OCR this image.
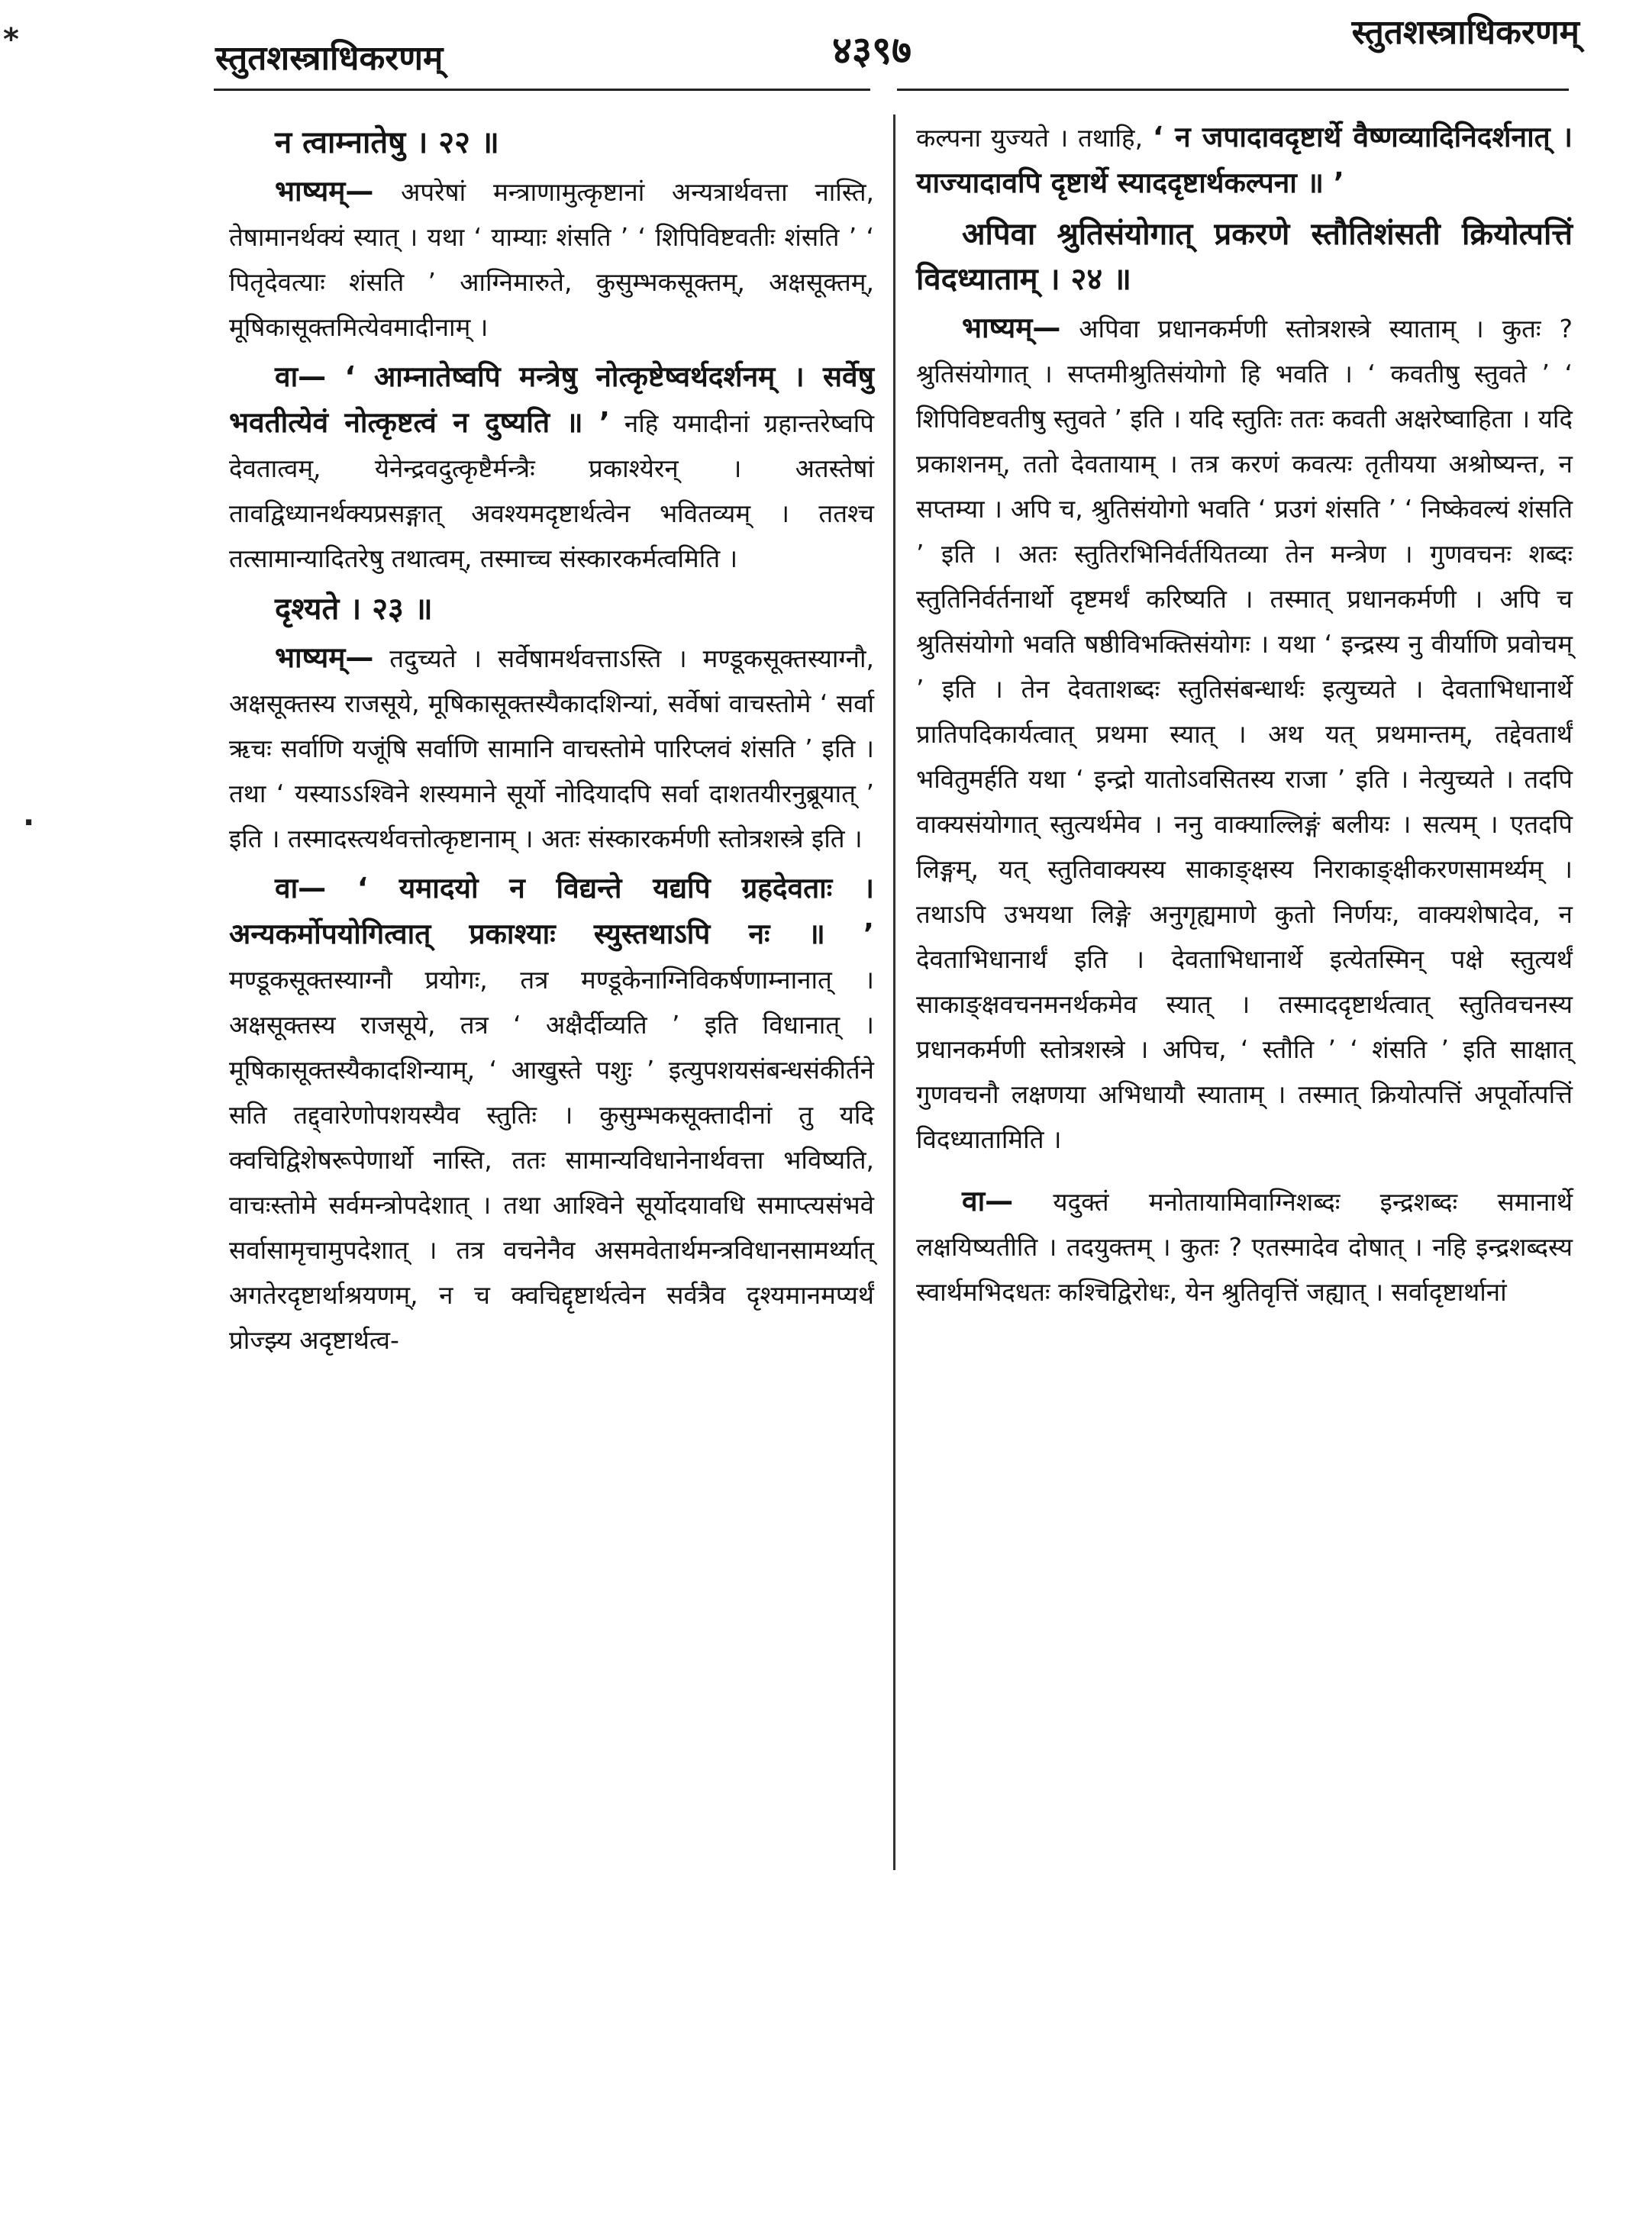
स्तुतशस्त्राधिकरणम्	४३९७	स्तुतशस्त्राधिकरणम्
⁎
·

न त्वाम्नातेषु । २२ ॥

भाष्यम्— अपरेषां मन्त्राणामुत्कृष्टानां अन्यत्रार्थवत्ता नास्ति, तेषामानर्थक्यं स्यात् । यथा ‘ याम्याः शंसति ’ ‘ शिपिविष्टवतीः शंसति ’ ‘ पितृदेवत्याः शंसति ’ आग्निमारुते, कुसुम्भकसूक्तम्, अक्षसूक्तम्, मूषिकासूक्तमित्येवमादीनाम् ।

वा— ‘ आम्नातेष्वपि मन्त्रेषु नोत्कृष्टेष्वर्थदर्शनम् । सर्वेषु भवतीत्येवं नोत्कृष्टत्वं न दुष्यति ॥ ’ नहि यमादीनां ग्रहान्तरेष्वपि देवतात्वम्, येनेन्द्रवदुत्कृष्टैर्मन्त्रैः प्रकाश्येरन् । अतस्तेषां तावद्विध्यानर्थक्यप्रसङ्गात् अवश्यमदृष्टार्थत्वेन भवितव्यम् । ततश्च तत्सामान्यादितरेषु तथात्वम्, तस्माच्च संस्कारकर्मत्वमिति ।

दृश्यते । २३ ॥

भाष्यम्— तदुच्यते । सर्वेषामर्थवत्ताऽस्ति । मण्डूकसूक्तस्याग्नौ, अक्षसूक्तस्य राजसूये, मूषिकासूक्तस्यैकादशिन्यां, सर्वेषां वाचस्तोमे ‘ सर्वा ऋचः सर्वाणि यजूंषि सर्वाणि सामानि वाचस्तोमे पारिप्लवं शंसति ’ इति । तथा ‘ यस्याऽऽश्विने शस्यमाने सूर्यो नोदियादपि सर्वा दाशतयीरनुब्रूयात् ’ इति । तस्मादस्त्यर्थवत्तोत्कृष्टानाम् । अतः संस्कारकर्मणी स्तोत्रशस्त्रे इति ।

वा— ‘ यमादयो न विद्यन्ते यद्यपि ग्रहदेवताः । अन्यकर्मोपयोगित्वात् प्रकाश्याः स्युस्तथाऽपि नः ॥ ’ मण्डूकसूक्तस्याग्नौ प्रयोगः, तत्र मण्डूकेनाग्निविकर्षणाम्नानात् । अक्षसूक्तस्य राजसूये, तत्र ‘ अक्षैर्दीव्यति ’ इति विधानात् । मूषिकासूक्तस्यैकादशिन्याम्, ‘ आखुस्ते पशुः ’ इत्युपशयसंबन्धसंकीर्तने सति तद्द्वारेणोपशयस्यैव स्तुतिः । कुसुम्भकसूक्तादीनां तु यदि क्वचिद्विशेषरूपेणार्थो नास्ति, ततः सामान्यविधानेनार्थवत्ता भविष्यति, वाचःस्तोमे सर्वमन्त्रोपदेशात् । तथा आश्विने सूर्योदयावधि समाप्त्यसंभवे सर्वासामृचामुपदेशात् । तत्र वचनेनैव असमवेतार्थमन्त्रविधानसामर्थ्यात् अगतेरदृष्टार्थाश्रयणम्, न च क्वचिद्दृष्टार्थत्वेन सर्वत्रैव दृश्यमानमप्यर्थं प्रोज्झ्य अदृष्टार्थत्व-

कल्पना युज्यते । तथाहि, ‘ न जपादावदृष्टार्थे वैष्णव्यादिनिदर्शनात् । याज्यादावपि दृष्टार्थे स्याददृष्टार्थकल्पना ॥ ’

अपिवा श्रुतिसंयोगात् प्रकरणे स्तौतिशंसती क्रियोत्पत्तिं विदध्याताम् । २४ ॥

भाष्यम्— अपिवा प्रधानकर्मणी स्तोत्रशस्त्रे स्याताम् । कुतः ? श्रुतिसंयोगात् । सप्तमीश्रुतिसंयोगो हि भवति । ‘ कवतीषु स्तुवते ’ ‘ शिपिविष्टवतीषु स्तुवते ’ इति । यदि स्तुतिः ततः कवती अक्षरेष्वाहिता । यदि प्रकाशनम्, ततो देवतायाम् । तत्र करणं कवत्यः तृतीयया अश्रोष्यन्त, न सप्तम्या । अपि च, श्रुतिसंयोगो भवति ‘ प्रउगं शंसति ’ ‘ निष्केवल्यं शंसति ’ इति । अतः स्तुतिरभिनिर्वर्तयितव्या तेन मन्त्रेण । गुणवचनः शब्दः स्तुतिनिर्वर्तनार्थो दृष्टमर्थं करिष्यति । तस्मात् प्रधानकर्मणी । अपि च श्रुतिसंयोगो भवति षष्ठीविभक्तिसंयोगः । यथा ‘ इन्द्रस्य नु वीर्याणि प्रवोचम् ’ इति । तेन देवताशब्दः स्तुतिसंबन्धार्थः इत्युच्यते । देवताभिधानार्थे प्रातिपदिकार्यत्वात् प्रथमा स्यात् । अथ यत् प्रथमान्तम्, तद्देवतार्थं भवितुमर्हति यथा ‘ इन्द्रो यातोऽवसितस्य राजा ’ इति । नेत्युच्यते । तदपि वाक्यसंयोगात् स्तुत्यर्थमेव । ननु वाक्याल्लिङ्गं बलीयः । सत्यम् । एतदपि लिङ्गम्, यत् स्तुतिवाक्यस्य साकाङ्क्षस्य निराकाङ्क्षीकरणसामर्थ्यम् । तथाऽपि उभयथा लिङ्गे अनुगृह्यमाणे कुतो निर्णयः, वाक्यशेषादेव, न देवताभिधानार्थं इति । देवताभिधानार्थे इत्येतस्मिन् पक्षे स्तुत्यर्थं साकाङ्क्षवचनमनर्थकमेव स्यात् । तस्माददृष्टार्थत्वात् स्तुतिवचनस्य प्रधानकर्मणी स्तोत्रशस्त्रे । अपिच, ‘ स्तौति ’ ‘ शंसति ’ इति साक्षात् गुणवचनौ लक्षणया अभिधायौ स्याताम् । तस्मात् क्रियोत्पत्तिं अपूर्वोत्पत्तिं विदध्यातामिति ।

वा— यदुक्तं मनोतायामिवाग्निशब्दः इन्द्रशब्दः समानार्थे लक्षयिष्यतीति । तदयुक्तम् । कुतः ? एतस्मादेव दोषात् । नहि इन्द्रशब्दस्य स्वार्थमभिदधतः कश्चिद्विरोधः, येन श्रुतिवृत्तिं जह्यात् । सर्वादृष्टार्थानां
